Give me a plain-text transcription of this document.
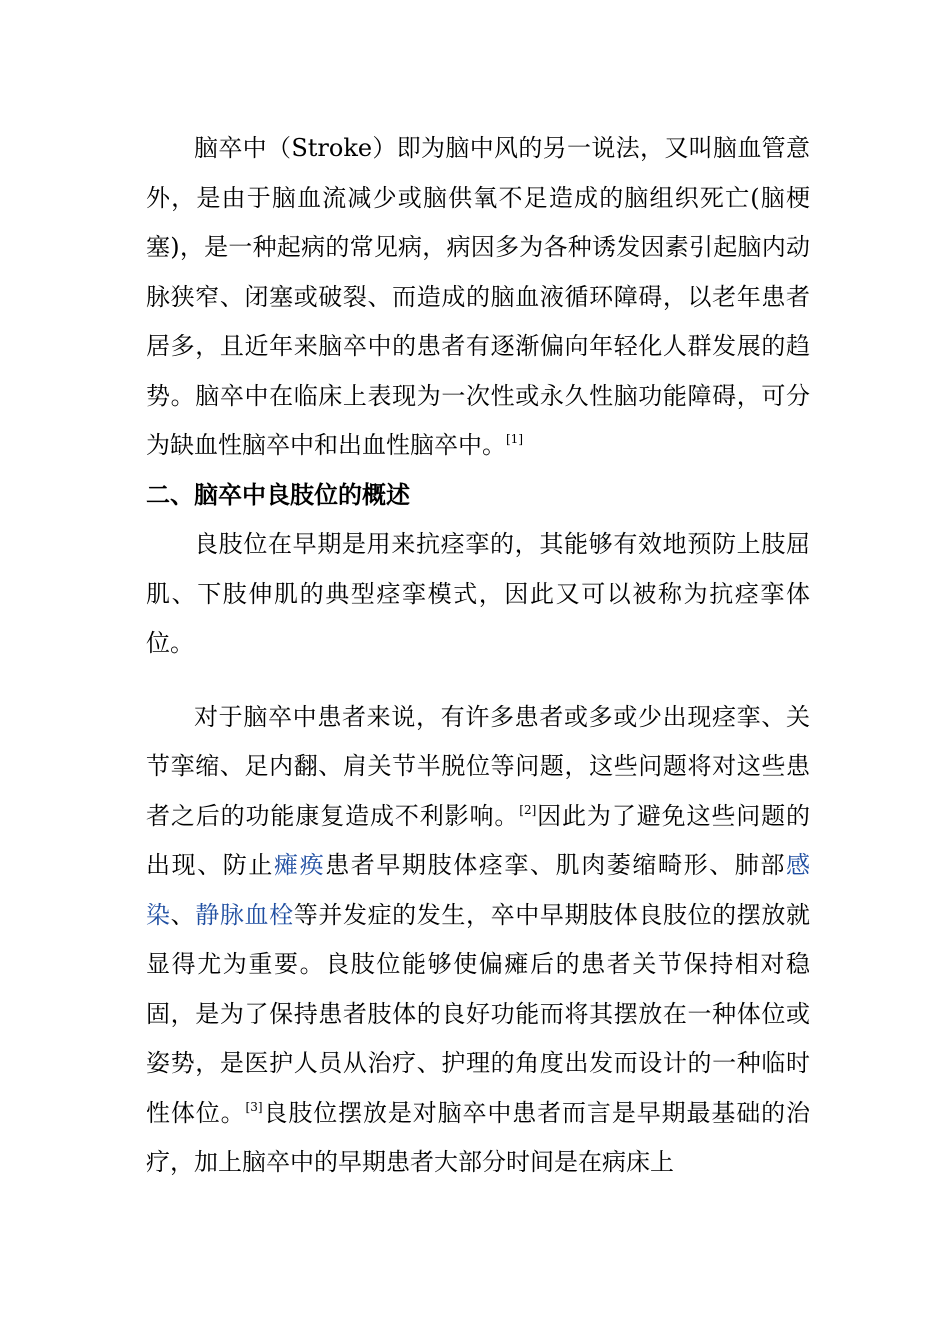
脑卒中（Stroke）即为脑中风的另一说法，又叫脑血管意外，是由于脑血流减少或脑供氧不足造成的脑组织死亡(脑梗塞)，是一种起病的常见病，病因多为各种诱发因素引起脑内动脉狭窄、闭塞或破裂、而造成的脑血液循环障碍，以老年患者居多，且近年来脑卒中的患者有逐渐偏向年轻化人群发展的趋势。脑卒中在临床上表现为一次性或永久性脑功能障碍，可分为缺血性脑卒中和出血性脑卒中。[1]

二、脑卒中良肢位的概述

良肢位在早期是用来抗痉挛的，其能够有效地预防上肢屈肌、下肢伸肌的典型痉挛模式，因此又可以被称为抗痉挛体位。

对于脑卒中患者来说，有许多患者或多或少出现痉挛、关节挛缩、足内翻、肩关节半脱位等问题，这些问题将对这些患者之后的功能康复造成不利影响。[2]因此为了避免这些问题的出现、防止瘫痪患者早期肢体痉挛、肌肉萎缩畸形、肺部感染、静脉血栓等并发症的发生，卒中早期肢体良肢位的摆放就显得尤为重要。良肢位能够使偏瘫后的患者关节保持相对稳固，是为了保持患者肢体的良好功能而将其摆放在一种体位或姿势，是医护人员从治疗、护理的角度出发而设计的一种临时性体位。[3]良肢位摆放是对脑卒中患者而言是早期最基础的治疗，加上脑卒中的早期患者大部分时间是在病床上
